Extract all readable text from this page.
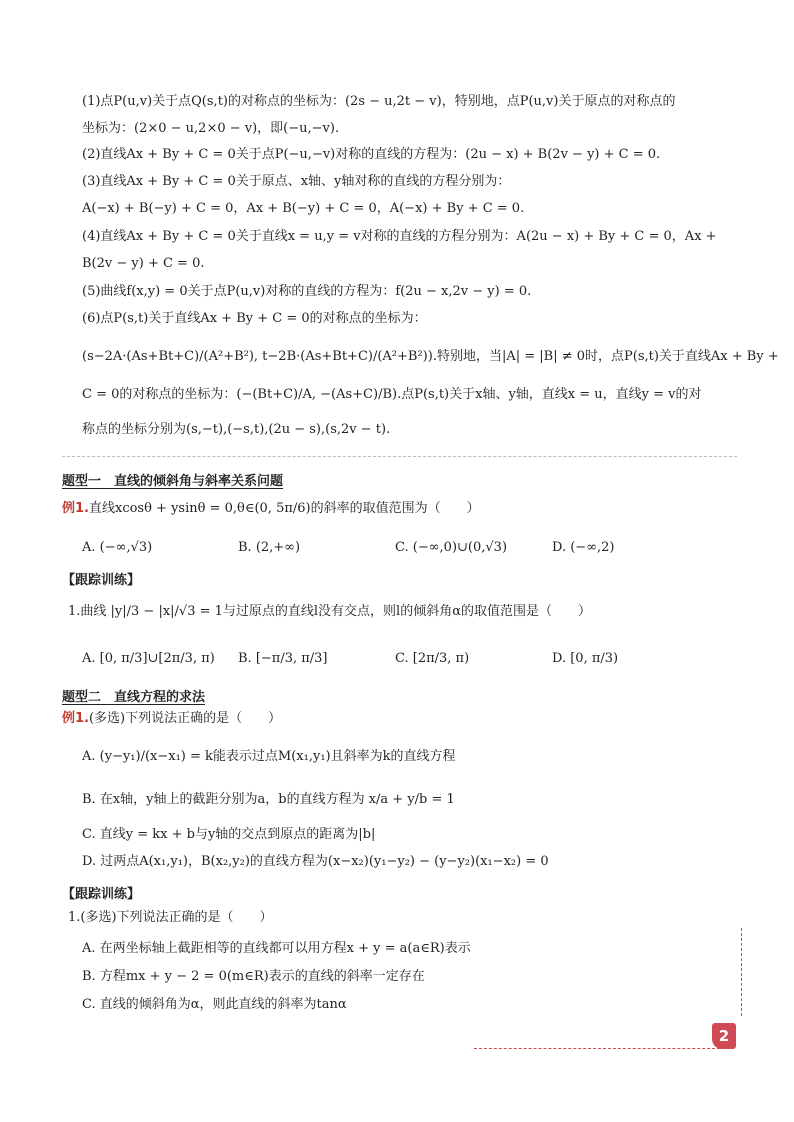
(1)点P(u,v)关于点Q(s,t)的对称点的坐标为：(2s − u,2t − v)，特别地，点P(u,v)关于原点的对称点的
坐标为：(2×0 − u,2×0 − v)，即(−u,−v).
(2)直线Ax + By + C = 0关于点P(−u,−v)对称的直线的方程为：(2u − x) + B(2v − y) + C = 0.
(3)直线Ax + By + C = 0关于原点、x轴、y轴对称的直线的方程分别为：
A(−x) + B(−y) + C = 0，Ax + B(−y) + C = 0，A(−x) + By + C = 0.
(4)直线Ax + By + C = 0关于直线x = u,y = v对称的直线的方程分别为：A(2u − x) + By + C = 0，Ax +
B(2v − y) + C = 0.
(5)曲线f(x,y) = 0关于点P(u,v)对称的直线的方程为：f(2u − x,2v − y) = 0.
(6)点P(s,t)关于直线Ax + By + C = 0的对称点的坐标为：
(s−2A·(As+Bt+C)/(A²+B²), t−2B·(As+Bt+C)/(A²+B²)).特别地，当|A| = |B| ≠ 0时，点P(s,t)关于直线Ax + By +
C = 0的对称点的坐标为：(−(Bt+C)/A, −(As+C)/B).点P(s,t)关于x轴、y轴，直线x = u，直线y = v的对
称点的坐标分别为(s,−t),(−s,t),(2u − s),(s,2v − t).
题型一　直线的倾斜角与斜率关系问题
例1.直线xcosθ + ysinθ = 0,θ∈(0, 5π/6)的斜率的取值范围为（　　）
A. (−∞,√3)	B. (2,+∞)	C. (−∞,0)∪(0,√3)	D. (−∞,2)
【跟踪训练】
1.曲线 |y|/3 − |x|/√3 = 1与过原点的直线l没有交点，则l的倾斜角α的取值范围是（　　）
A. [0, π/3]∪[2π/3, π) B. [−π/3, π/3]	C. [2π/3, π)	D. [0, π/3)
题型二　直线方程的求法
例1.(多选)下列说法正确的是（　　）
A. (y−y₁)/(x−x₁) = k能表示过点M(x₁,y₁)且斜率为k的直线方程
B. 在x轴，y轴上的截距分别为a，b的直线方程为 x/a + y/b = 1
C. 直线y = kx + b与y轴的交点到原点的距离为|b|
D. 过两点A(x₁,y₁)，B(x₂,y₂)的直线方程为(x−x₂)(y₁−y₂) − (y−y₂)(x₁−x₂) = 0
【跟踪训练】
1.(多选)下列说法正确的是（　　）
A. 在两坐标轴上截距相等的直线都可以用方程x + y = a(a∈R)表示
B. 方程mx + y − 2 = 0(m∈R)表示的直线的斜率一定存在
C. 直线的倾斜角为α，则此直线的斜率为tanα
2
